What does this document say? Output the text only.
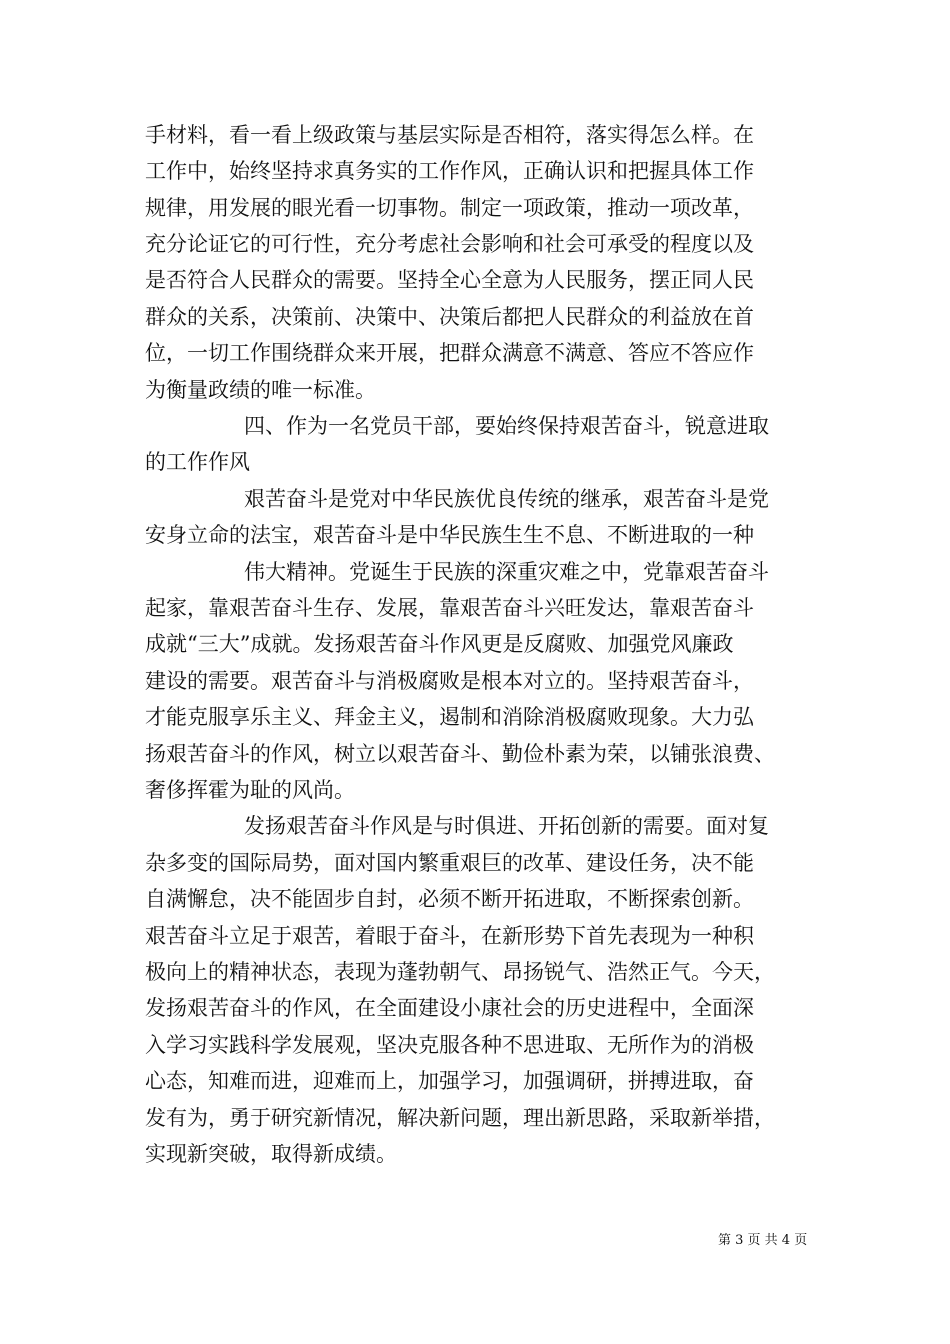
手材料，看一看上级政策与基层实际是否相符，落实得怎么样。在
工作中，始终坚持求真务实的工作作风，正确认识和把握具体工作
规律，用发展的眼光看一切事物。制定一项政策，推动一项改革，
充分论证它的可行性，充分考虑社会影响和社会可承受的程度以及
是否符合人民群众的需要。坚持全心全意为人民服务，摆正同人民
群众的关系，决策前、决策中、决策后都把人民群众的利益放在首
位，一切工作围绕群众来开展，把群众满意不满意、答应不答应作
为衡量政绩的唯一标准。
四、作为一名党员干部，要始终保持艰苦奋斗，锐意进取
的工作作风
艰苦奋斗是党对中华民族优良传统的继承，艰苦奋斗是党
安身立命的法宝，艰苦奋斗是中华民族生生不息、不断进取的一种
伟大精神。党诞生于民族的深重灾难之中，党靠艰苦奋斗
起家，靠艰苦奋斗生存、发展，靠艰苦奋斗兴旺发达，靠艰苦奋斗
成就“三大”成就。发扬艰苦奋斗作风更是反腐败、加强党风廉政
建设的需要。艰苦奋斗与消极腐败是根本对立的。坚持艰苦奋斗，
才能克服享乐主义、拜金主义，遏制和消除消极腐败现象。大力弘
扬艰苦奋斗的作风，树立以艰苦奋斗、勤俭朴素为荣，以铺张浪费、
奢侈挥霍为耻的风尚。
发扬艰苦奋斗作风是与时俱进、开拓创新的需要。面对复
杂多变的国际局势，面对国内繁重艰巨的改革、建设任务，决不能
自满懈怠，决不能固步自封，必须不断开拓进取，不断探索创新。
艰苦奋斗立足于艰苦，着眼于奋斗，在新形势下首先表现为一种积
极向上的精神状态，表现为蓬勃朝气、昂扬锐气、浩然正气。今天，
发扬艰苦奋斗的作风，在全面建设小康社会的历史进程中，全面深
入学习实践科学发展观，坚决克服各种不思进取、无所作为的消极
心态，知难而进，迎难而上，加强学习，加强调研，拼搏进取，奋
发有为，勇于研究新情况，解决新问题，理出新思路，采取新举措，
实现新突破，取得新成绩。
第 3 页 共 4 页
